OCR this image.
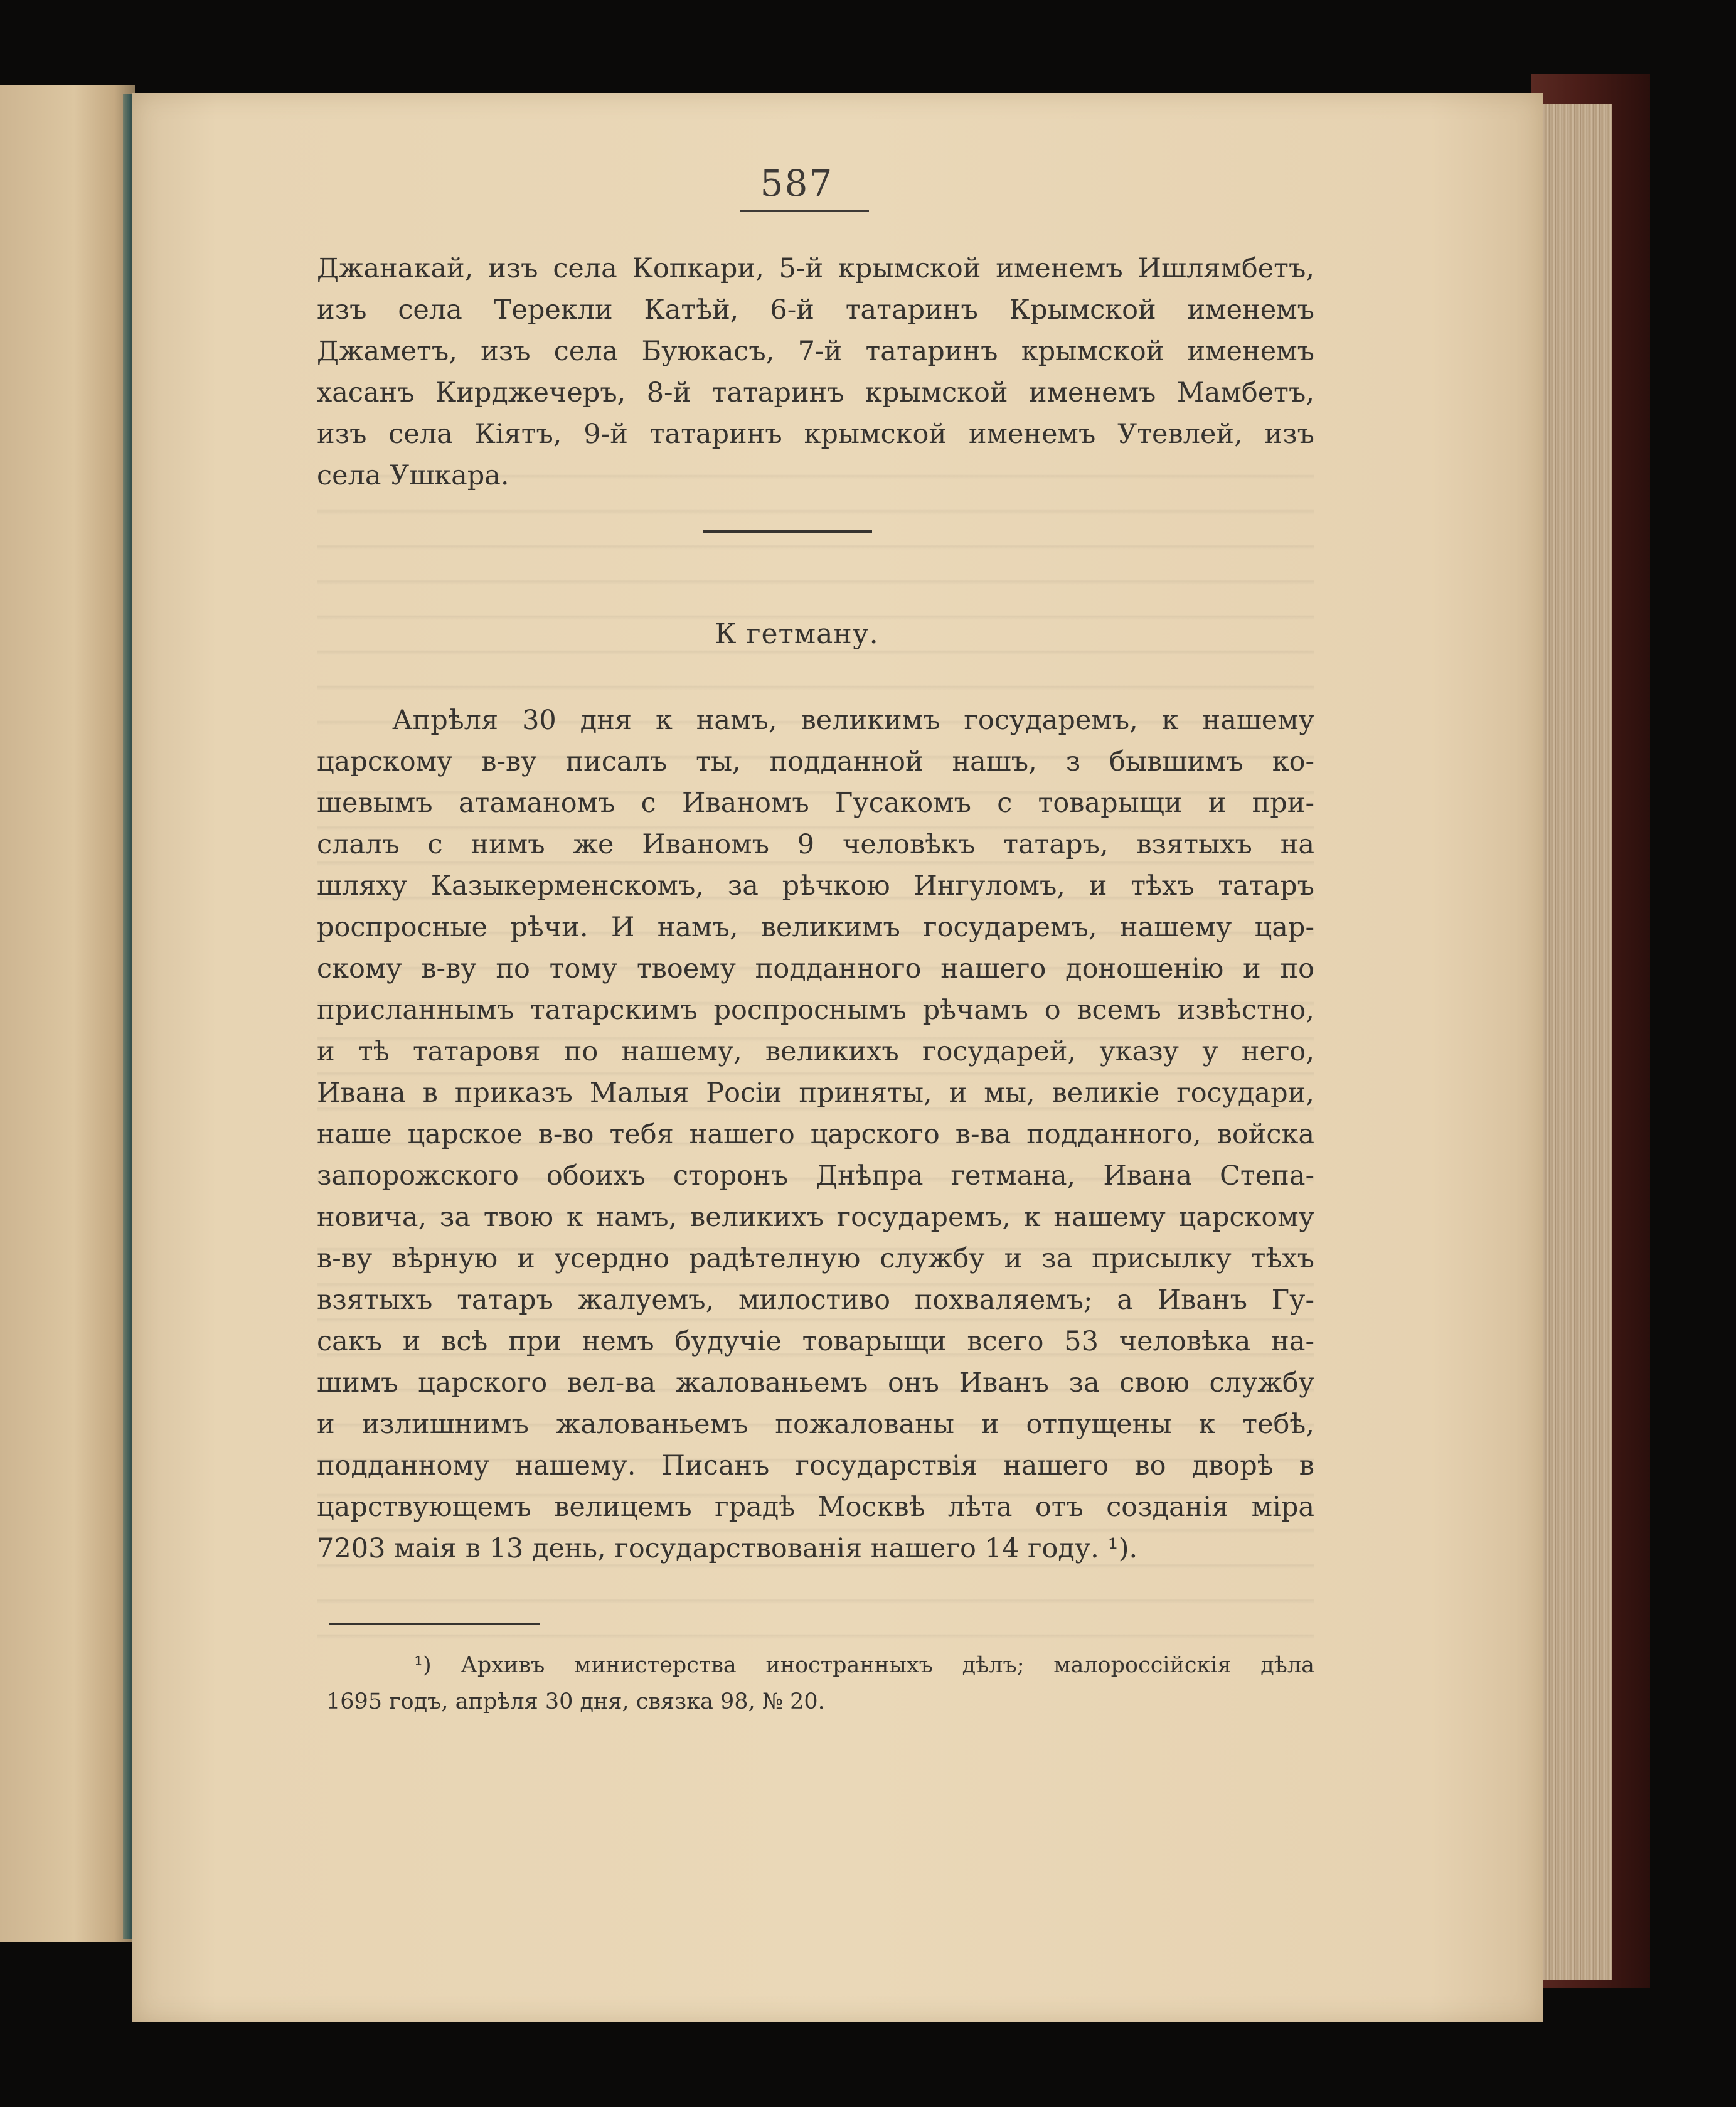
587
Джанакай, изъ села Копкари, 5-й крымской именемъ Ишлямбетъ,
изъ села Терекли Катѣй, 6-й татаринъ Крымской именемъ
Джаметъ, изъ села Буюкасъ, 7-й татаринъ крымской именемъ
хасанъ Кирджечеръ, 8-й татаринъ крымской именемъ Мамбетъ,
изъ села Кіятъ, 9-й татаринъ крымской именемъ Утевлей, изъ
села Ушкара.
К гетману.
Апрѣля 30 дня к намъ, великимъ государемъ, к нашему
царскому в-ву писалъ ты, подданной нашъ, з бывшимъ ко-
шевымъ атаманомъ с Иваномъ Гусакомъ с товарыщи и при-
слалъ с нимъ же Иваномъ 9 человѣкъ татаръ, взятыхъ на
шляху Казыкерменскомъ, за рѣчкою Ингуломъ, и тѣхъ татаръ
роспросные рѣчи. И намъ, великимъ государемъ, нашему цар-
скому в-ву по тому твоему подданного нашего доношенію и по
присланнымъ татарскимъ роспроснымъ рѣчамъ о всемъ извѣстно,
и тѣ татаровя по нашему, великихъ государей, указу у него,
Ивана в приказъ Малыя Росіи приняты, и мы, великіе государи,
наше царское в-во тебя нашего царского в-ва подданного, войска
запорожского обоихъ сторонъ Днѣпра гетмана, Ивана Степа-
новича, за твою к намъ, великихъ государемъ, к нашему царскому
в-ву вѣрную и усердно радѣтелную службу и за присылку тѣхъ
взятыхъ татаръ жалуемъ, милостиво похваляемъ; а Иванъ Гу-
сакъ и всѣ при немъ будучіе товарыщи всего 53 человѣка на-
шимъ царского вел-ва жалованьемъ онъ Иванъ за свою службу
и излишнимъ жалованьемъ пожалованы и отпущены к тебѣ,
подданному нашему. Писанъ государствія нашего во дворѣ в
царствующемъ велицемъ градѣ Москвѣ лѣта отъ созданія міра
7203 маія в 13 день, государствованія нашего 14 году. ¹).
¹) Архивъ министерства иностранныхъ дѣлъ; малороссійскія дѣла
1695 годъ, апрѣля 30 дня, связка 98, № 20.
